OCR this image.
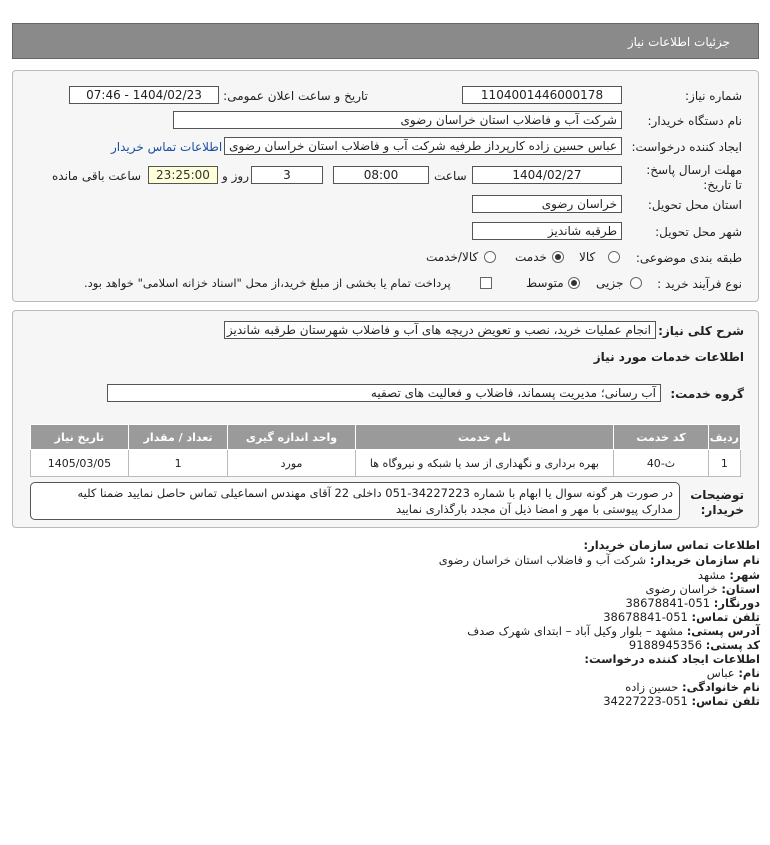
جزئیات اطلاعات نیاز
شماره نیاز:
1104001446000178
تاریخ و ساعت اعلان عمومی:
1404/02/23 - 07:46
نام دستگاه خریدار:
شرکت آب و فاضلاب استان خراسان رضوی
ایجاد کننده درخواست:
عباس حسین زاده کارپرداز طرفیه شرکت آب و فاضلاب استان خراسان رضوی
اطلاعات تماس خریدار
مهلت ارسال پاسخ: تا تاریخ:
1404/02/27
ساعت
08:00
3
روز و
23:25:00
ساعت باقی مانده
استان محل تحویل:
خراسان رضوی
شهر محل تحویل:
طرقبه شاندیز
طبقه بندی موضوعی:
کالا
خدمت
کالا/خدمت
نوع فرآیند خرید :
جزیی
متوسط
پرداخت تمام یا بخشی از مبلغ خرید،از محل "اسناد خزانه اسلامی" خواهد بود.
شرح کلی نیاز:
انجام عملیات خرید، نصب و تعویض دریچه های آب و فاضلاب شهرستان طرقبه شاندیز
اطلاعات خدمات مورد نیاز
گروه خدمت:
آب رسانی؛ مدیریت پسماند، فاضلاب و فعالیت های تصفیه
ردیف	کد خدمت	نام خدمت	واحد اندازه گیری	تعداد / مقدار	تاریخ نیاز
1	ث-40	بهره برداری و نگهداری از سد یا شبکه و نیروگاه ها	مورد	1	1405/03/05
توضیحات خریدار:
در صورت هر گونه سوال یا ابهام با شماره 34227223-051 داخلی 22 آقای مهندس اسماعیلی تماس حاصل نمایید ضمنا کلیه
مدارک پیوستی با مهر و امضا ذیل آن مجدد بارگذاری نمایید
اطلاعات تماس سازمان خریدار:
نام سازمان خریدار: شرکت آب و فاضلاب استان خراسان رضوی
شهر: مشهد
استان: خراسان رضوی
دورنگار: 051-38678841
تلفن تماس: 051-38678841
آدرس پستی: مشهد – بلوار وکیل آباد – ابتدای شهرک صدف
کد پستی: 9188945356
اطلاعات ایجاد کننده درخواست:
نام: عباس
نام خانوادگی: حسین زاده
تلفن تماس: 051-34227223
